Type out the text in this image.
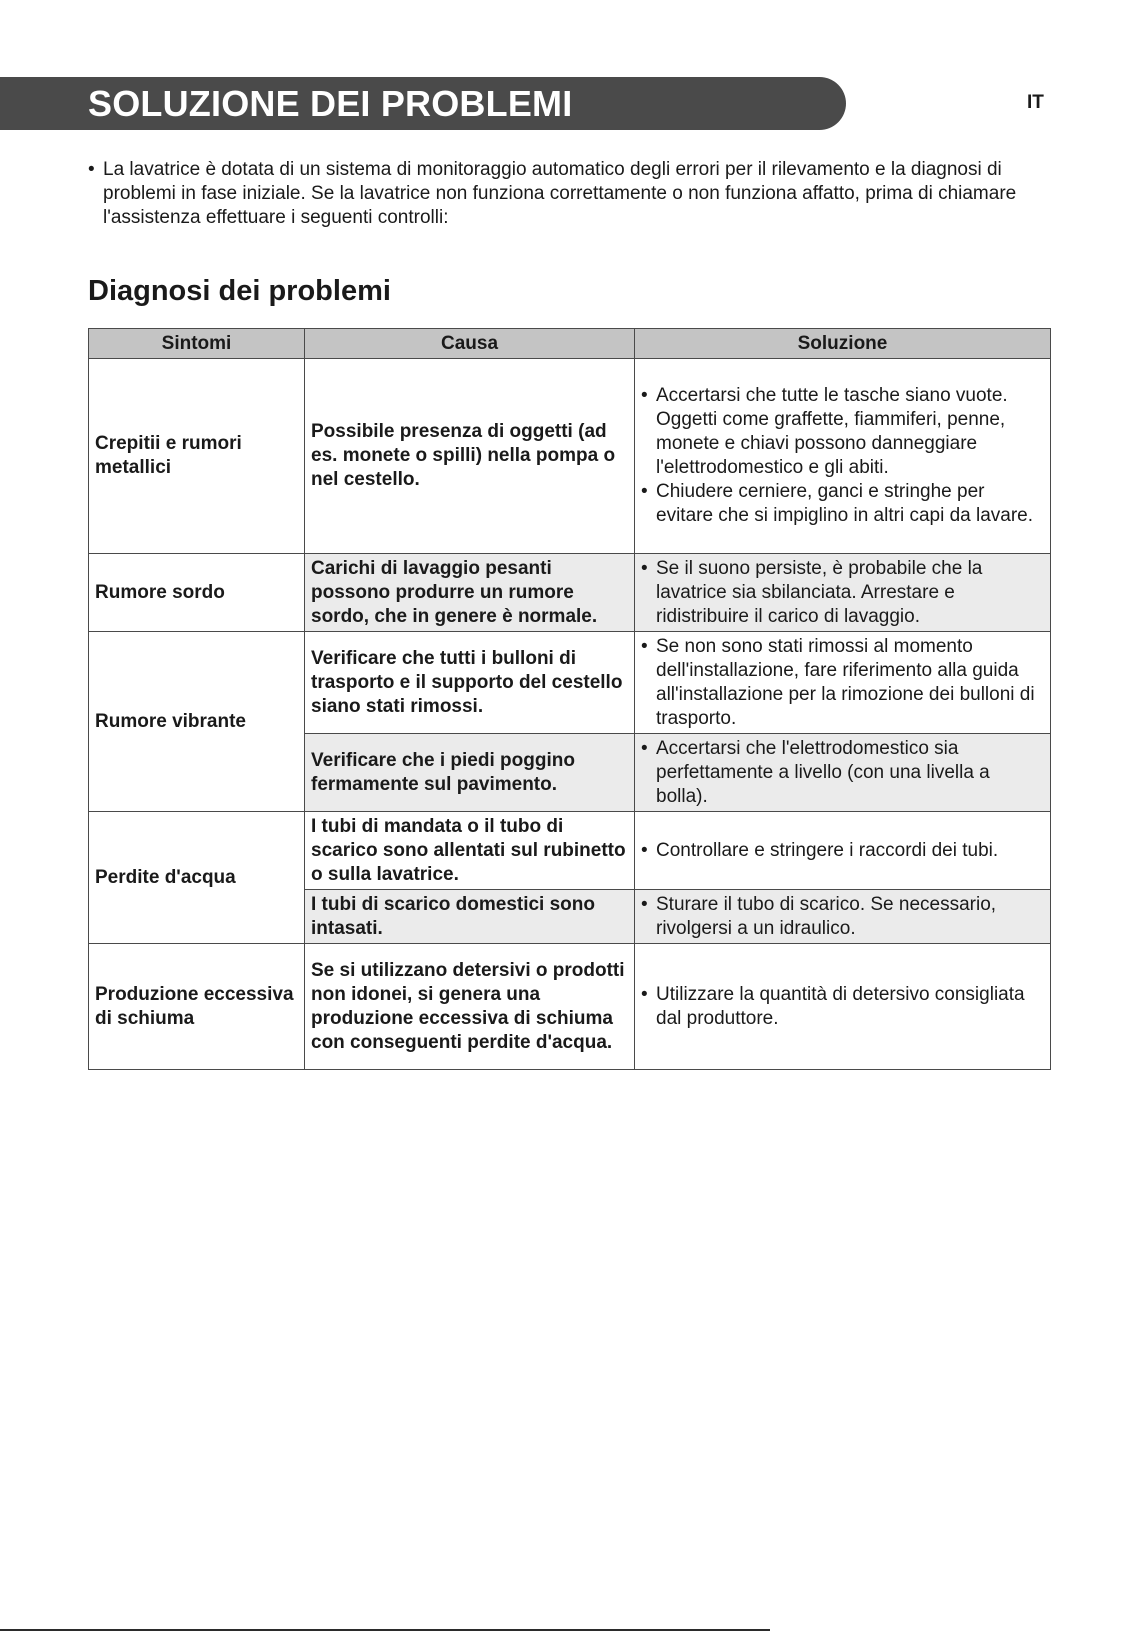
SOLUZIONE DEI PROBLEMI	IT
• La lavatrice è dotata di un sistema di monitoraggio automatico degli errori per il rilevamento e la diagnosi di problemi in fase iniziale. Se la lavatrice non funziona correttamente o non funziona affatto, prima di chiamare l'assistenza effettuare i seguenti controlli:
Diagnosi dei problemi
Sintomi	Causa	Soluzione
Crepitii e rumori metallici	Possibile presenza di oggetti (ad es. monete o spilli) nella pompa o nel cestello.	• Accertarsi che tutte le tasche siano vuote. Oggetti come graffette, fiammiferi, penne, monete e chiavi possono danneggiare l'elettrodomestico e gli abiti.
• Chiudere cerniere, ganci e stringhe per evitare che si impiglino in altri capi da lavare.

Rumore sordo	Carichi di lavaggio pesanti possono produrre un rumore sordo, che in genere è normale.	• Se il suono persiste, è probabile che la lavatrice sia sbilanciata. Arrestare e ridistribuire il carico di lavaggio.

Rumore vibrante	Verificare che tutti i bulloni di trasporto e il supporto del cestello siano stati rimossi.	• Se non sono stati rimossi al momento dell'installazione, fare riferimento alla guida all'installazione per la rimozione dei bulloni di trasporto.

	Verificare che i piedi poggino fermamente sul pavimento.	• Accertarsi che l'elettrodomestico sia perfettamente a livello (con una livella a bolla).

Perdite d'acqua	I tubi di mandata o il tubo di scarico sono allentati sul rubinetto o sulla lavatrice.	• Controllare e stringere i raccordi dei tubi.

	I tubi di scarico domestici sono intasati.	• Sturare il tubo di scarico. Se necessario, rivolgersi a un idraulico.

Produzione eccessiva di schiuma	Se si utilizzano detersivi o prodotti non idonei, si genera una produzione eccessiva di schiuma con conseguenti perdite d'acqua.	• Utilizzare la quantità di detersivo consigliata dal produttore.
